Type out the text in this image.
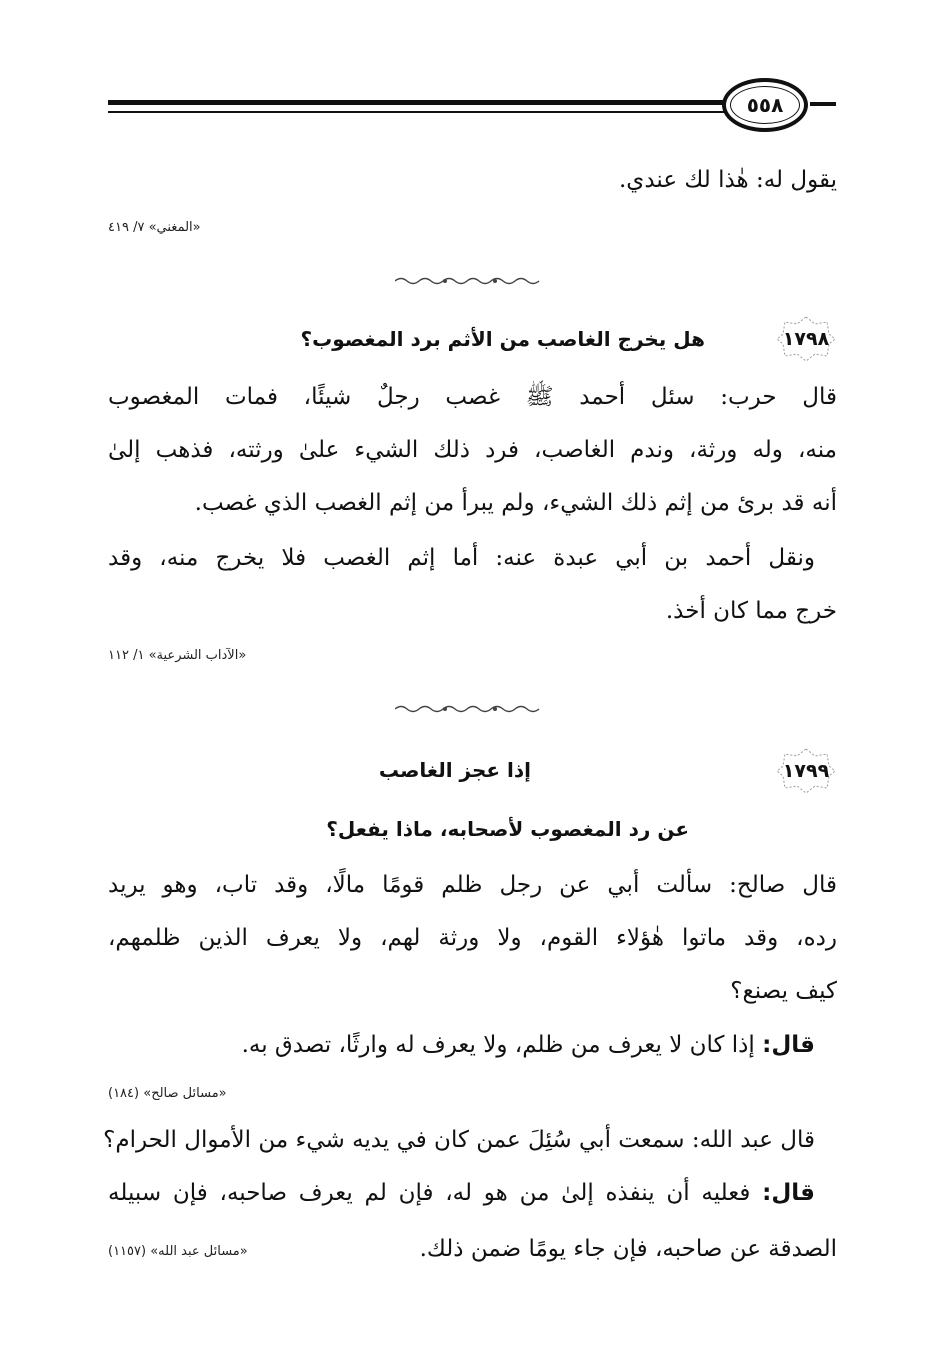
٥٥٨
يقول له: هٰذا لك عندي.
«المغني» ٧/ ٤١٩
١٧٩٨
هل يخرج الغاصب من الأثم برد المغصوب؟
قال حرب: سئل أحمد ﷺ غصب رجلٌ شيئًا، فمات المغصوب
منه، وله ورثة، وندم الغاصب، فرد ذلك الشيء علىٰ ورثته، فذهب إلىٰ
أنه قد برئ من إثم ذلك الشيء، ولم يبرأ من إثم الغصب الذي غصب.
ونقل أحمد بن أبي عبدة عنه: أما إثم الغصب فلا يخرج منه، وقد
خرج مما كان أخذ.
«الآداب الشرعية» ١/ ١١٢
١٧٩٩
إذا عجز الغاصب
عن رد المغصوب لأصحابه، ماذا يفعل؟
قال صالح: سألت أبي عن رجل ظلم قومًا مالًا، وقد تاب، وهو يريد
رده، وقد ماتوا هٰؤلاء القوم، ولا ورثة لهم، ولا يعرف الذين ظلمهم،
كيف يصنع؟
قال: إذا كان لا يعرف من ظلم، ولا يعرف له وارثًا، تصدق به.
«مسائل صالح» (١٨٤)
قال عبد الله: سمعت أبي سُئِلَ عمن كان في يديه شيء من الأموال الحرام؟
قال: فعليه أن ينفذه إلىٰ من هو له، فإن لم يعرف صاحبه، فإن سبيله
الصدقة عن صاحبه، فإن جاء يومًا ضمن ذلك.
«مسائل عبد الله» (١١٥٧)
